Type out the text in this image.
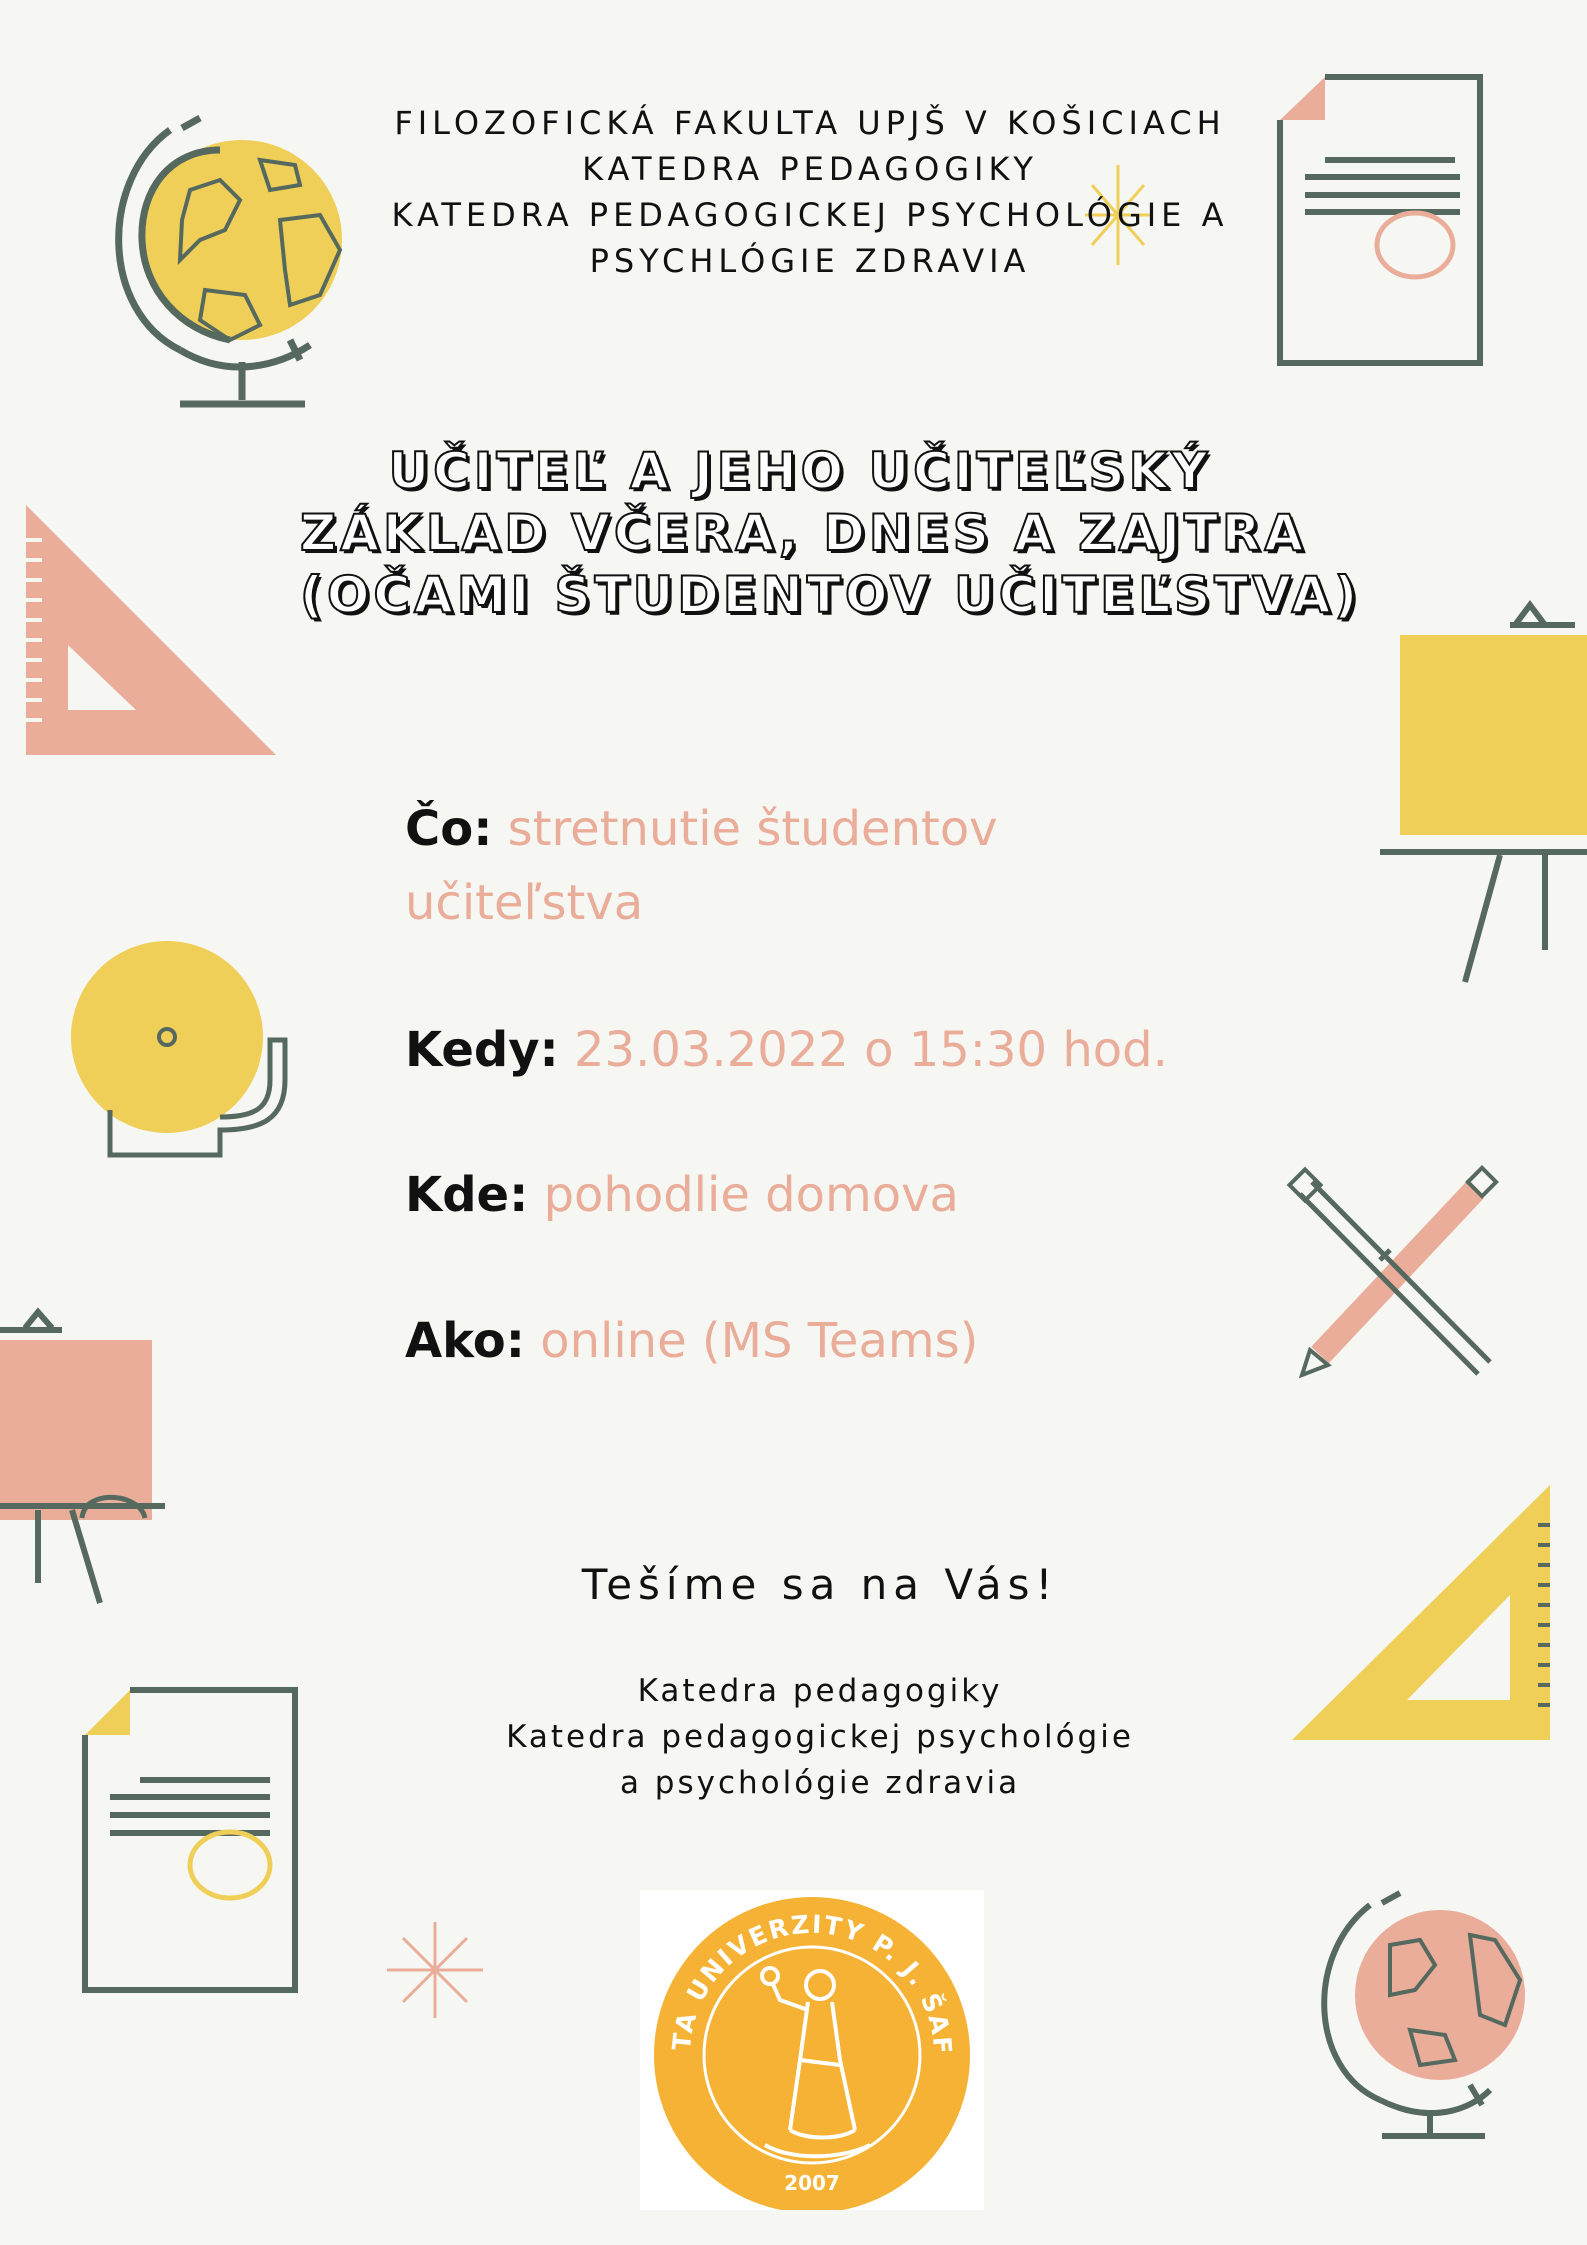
FILOZOFICKÁ FAKULTA UPJŠ V KOŠICIACH
KATEDRA PEDAGOGIKY
KATEDRA PEDAGOGICKEJ PSYCHOLÓGIE A
PSYCHLÓGIE ZDRAVIA
UČITEĽ A JEHO UČITEĽSKÝ
ZÁKLAD VČERA, DNES A ZAJTRA
(OČAMI ŠTUDENTOV UČITEĽSTVA)
Čo: stretnutie študentov
učiteľstva
Kedy: 23.03.2022 o 15:30 hod.
Kde: pohodlie domova
Ako: online (MS Teams)
Tešíme sa na Vás!
Katedra pedagogiky
Katedra pedagogickej psychológie
a psychológie zdravia
TA UNIVERZITY P. J. ŠAF
2007
